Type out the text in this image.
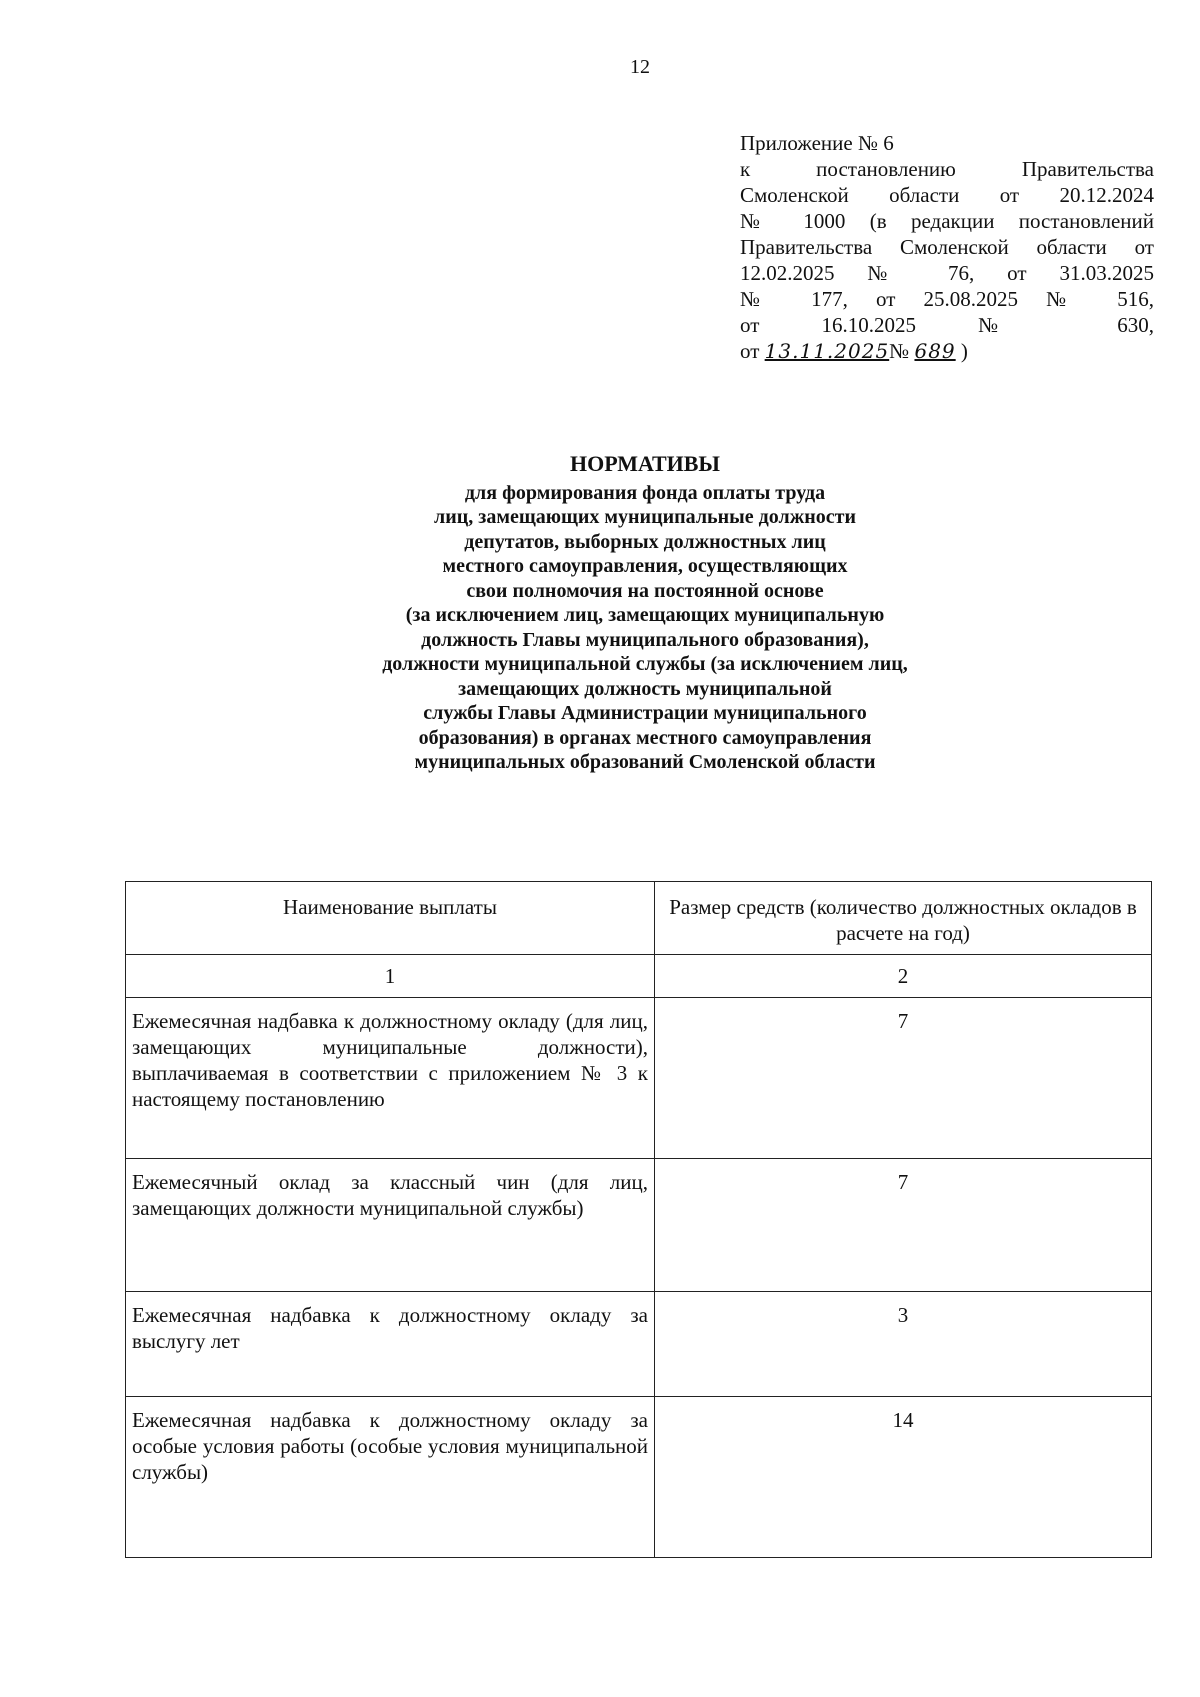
12
Приложение № 6
к постановлению Правительства
Смоленской области от 20.12.2024
№ 1000 (в редакции постановлений
Правительства Смоленской области от
12.02.2025 № 76, от 31.03.2025
№ 177, от 25.08.2025 № 516,
от 16.10.2025 № 630,
от 13.11.2025№ 689 )
НОРМАТИВЫ
для формирования фонда оплаты труда
лиц, замещающих муниципальные должности
депутатов, выборных должностных лиц
местного самоуправления, осуществляющих
свои полномочия на постоянной основе
(за исключением лиц, замещающих муниципальную
должность Главы муниципального образования),
должности муниципальной службы (за исключением лиц,
замещающих должность муниципальной
службы Главы Администрации муниципального
образования) в органах местного самоуправления
муниципальных образований Смоленской области
Наименование выплаты	Размер средств (количество должностных окладов в расчете на год)
1	2
Ежемесячная надбавка к должностному окладу (для лиц, замещающих муниципальные должности), выплачиваемая в соответствии с приложением № 3 к настоящему постановлению	7
Ежемесячный оклад за классный чин (для лиц, замещающих должности муниципальной службы)	7
Ежемесячная надбавка к должностному окладу за выслугу лет	3
Ежемесячная надбавка к должностному окладу за особые условия работы (особые условия муниципальной службы)	14
